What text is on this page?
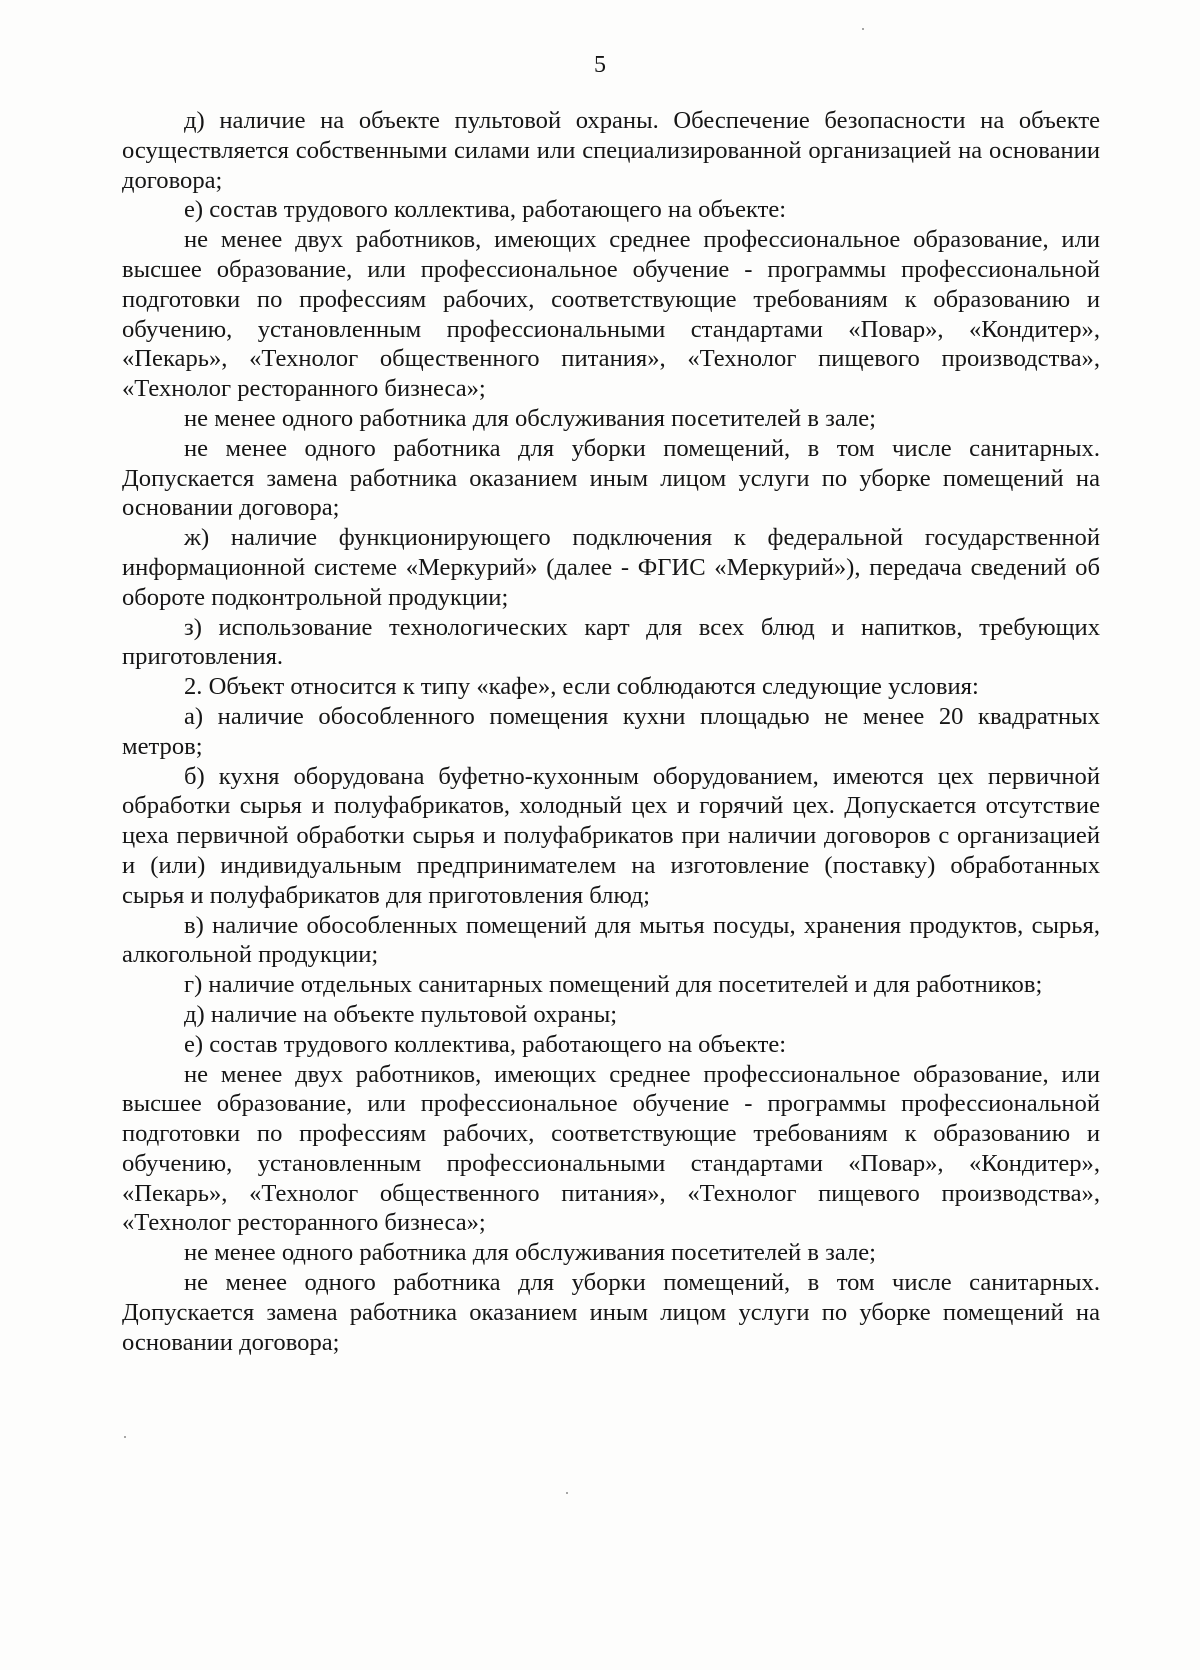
5

д) наличие на объекте пультовой охраны. Обеспечение безопасности на объекте осуществляется собственными силами или специализированной организацией на основании договора;

е) состав трудового коллектива, работающего на объекте:

не менее двух работников, имеющих среднее профессиональное образование, или высшее образование, или профессиональное обучение - программы профессиональной подготовки по профессиям рабочих, соответствующие требованиям к образованию и обучению, установленным профессиональными стандартами «Повар», «Кондитер», «Пекарь», «Технолог общественного питания», «Технолог пищевого производства», «Технолог ресторанного бизнеса»;

не менее одного работника для обслуживания посетителей в зале;

не менее одного работника для уборки помещений, в том числе санитарных. Допускается замена работника оказанием иным лицом услуги по уборке помещений на основании договора;

ж) наличие функционирующего подключения к федеральной государственной информационной системе «Меркурий» (далее - ФГИС «Меркурий»), передача сведений об обороте подконтрольной продукции;

з) использование технологических карт для всех блюд и напитков, требующих приготовления.

2. Объект относится к типу «кафе», если соблюдаются следующие условия:

а) наличие обособленного помещения кухни площадью не менее 20 квадратных метров;

б) кухня оборудована буфетно-кухонным оборудованием, имеются цех первичной обработки сырья и полуфабрикатов, холодный цех и горячий цех. Допускается отсутствие цеха первичной обработки сырья и полуфабрикатов при наличии договоров с организацией и (или) индивидуальным предпринимателем на изготовление (поставку) обработанных сырья и полуфабрикатов для приготовления блюд;

в) наличие обособленных помещений для мытья посуды, хранения продуктов, сырья, алкогольной продукции;

г) наличие отдельных санитарных помещений для посетителей и для работников;

д) наличие на объекте пультовой охраны;

е) состав трудового коллектива, работающего на объекте:

не менее двух работников, имеющих среднее профессиональное образование, или высшее образование, или профессиональное обучение - программы профессиональной подготовки по профессиям рабочих, соответствующие требованиям к образованию и обучению, установленным профессиональными стандартами «Повар», «Кондитер», «Пекарь», «Технолог общественного питания», «Технолог пищевого производства», «Технолог ресторанного бизнеса»;

не менее одного работника для обслуживания посетителей в зале;

не менее одного работника для уборки помещений, в том числе санитарных. Допускается замена работника оказанием иным лицом услуги по уборке помещений на основании договора;
